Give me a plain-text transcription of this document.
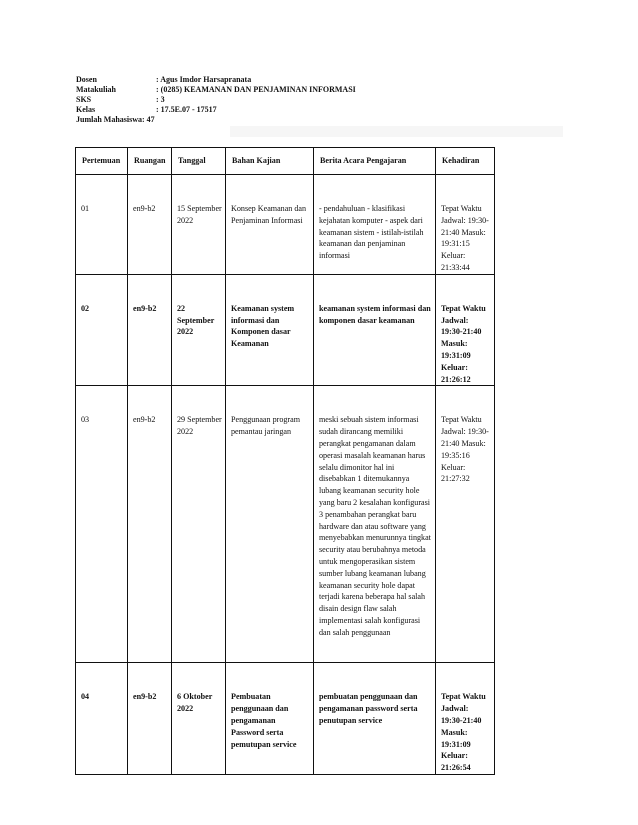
Dosen	: Agus Imdor Harsapranata
Matakuliah	: (0285) KEAMANAN DAN PENJAMINAN INFORMASI
SKS	: 3
Kelas	: 17.5E.07 - 17517
Jumlah Mahasiswa : 47
Pertemuan	Ruangan	Tanggal	Bahan Kajian	Berita Acara Pengajaran	Kehadiran
01	en9-b2	15 September 2022	Konsep Keamanan dan Penjaminan Informasi	- pendahuluan - klasifikasi kejahatan komputer - aspek dari keamanan sistem - istilah-istilah keamanan dan penjaminan informasi	Tepat Waktu Jadwal: 19:30-21:40 Masuk: 19:31:15 Keluar: 21:33:44
02	en9-b2	22 September 2022	Keamanan system informasi dan Komponen dasar Keamanan	keamanan system informasi dan komponen dasar keamanan	Tepat Waktu Jadwal: 19:30-21:40 Masuk: 19:31:09 Keluar: 21:26:12
03	en9-b2	29 September 2022	Penggunaan program pemantau jaringan	meski sebuah sistem informasi sudah dirancang memiliki perangkat pengamanan dalam operasi masalah keamanan harus selalu dimonitor hal ini disebabkan 1 ditemukannya lubang keamanan security hole yang baru 2 kesalahan konfigurasi 3 penambahan perangkat baru hardware dan atau software yang menyebabkan menurunnya tingkat security atau berubahnya metoda untuk mengoperasikan sistem sumber lubang keamanan lubang keamanan security hole dapat terjadi karena beberapa hal salah disain design flaw salah implementasi salah konfigurasi dan salah penggunaan	Tepat Waktu Jadwal: 19:30-21:40 Masuk: 19:35:16 Keluar: 21:27:32
04	en9-b2	6 Oktober 2022	Pembuatan penggunaan dan pengamanan Password serta pemutupan service	pembuatan penggunaan dan pengamanan password serta penutupan service	Tepat Waktu Jadwal: 19:30-21:40 Masuk: 19:31:09 Keluar: 21:26:54
